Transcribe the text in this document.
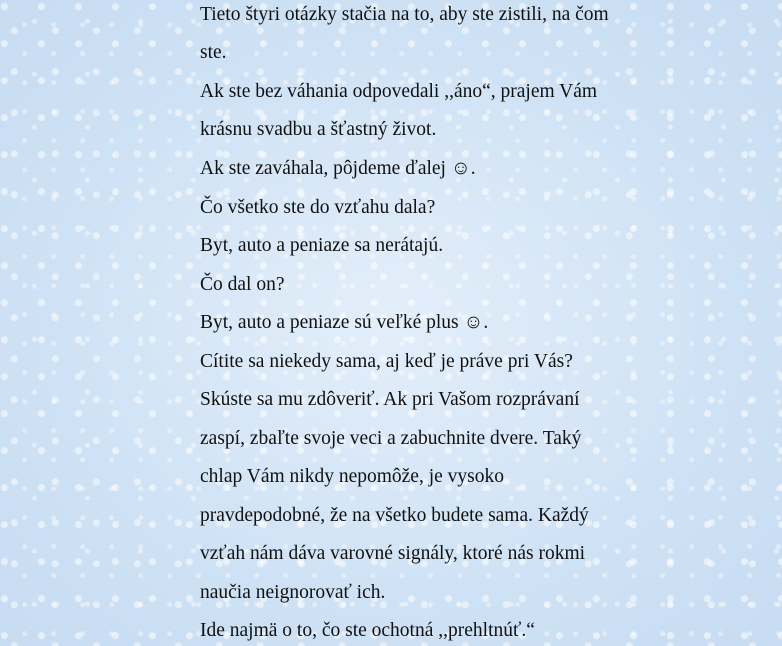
Tieto štyri otázky stačia na to, aby ste zistili, na čom
ste.
Ak ste bez váhania odpovedali ,,áno“, prajem Vám
krásnu svadbu a šťastný život.
Ak ste zaváhala, pôjdeme ďalej ☺.
Čo všetko ste do vzťahu dala?
Byt, auto a peniaze sa nerátajú.
Čo dal on?
Byt, auto a peniaze sú veľké plus ☺.
Cítite sa niekedy sama, aj keď je práve pri Vás?
Skúste sa mu zdôveriť. Ak pri Vašom rozprávaní
zaspí, zbaľte svoje veci a zabuchnite dvere. Taký
chlap Vám nikdy nepomôže, je vysoko
pravdepodobné, že na všetko budete sama. Každý
vzťah nám dáva varovné signály, ktoré nás rokmi
naučia neignorovať ich.
Ide najmä o to, čo ste ochotná ,,prehltnúť.“
